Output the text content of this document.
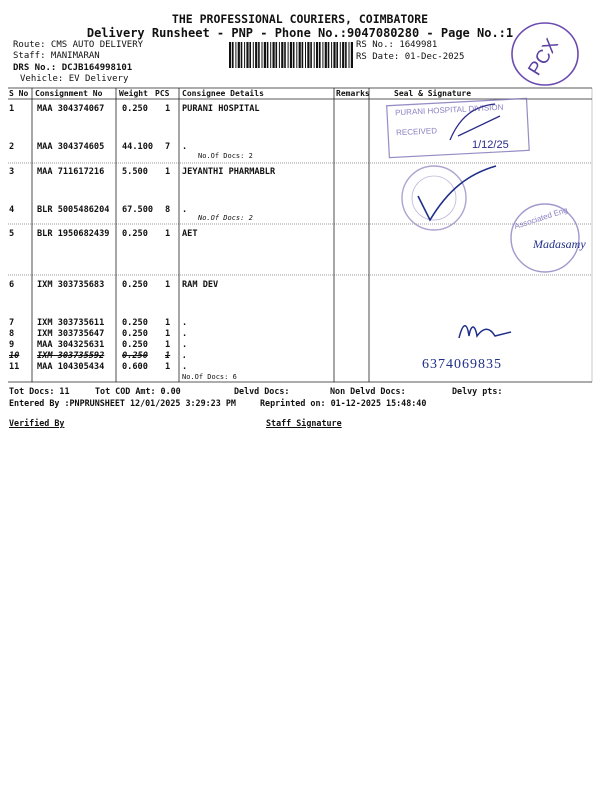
THE PROFESSIONAL COURIERS, COIMBATORE
Delivery Runsheet - PNP - Phone No.:9047080280 - Page No.:1
Route: CMS AUTO DELIVERY
Staff: MANIMARAN
DRS No.: DCJB164998101
Vehicle: EV Delivery
RS No.: 1649981
RS Date: 01-Dec-2025	PCX
S No Consignment No Weight PCS Consignee Details	Remarks	Seal & Signature
1	MAA 304374067 0.250 1 PURANI HOSPITAL
2	MAA 304374605 44.100 7 .
No.Of Docs: 2
3	MAA 711617216 5.500 1 JEYANTHI PHARMABLR
4	BLR 5005486204 67.500 8 .
No.Of Docs: 2
5	BLR 1950682439 0.250 1 AET
6	IXM 303735683 0.250 1 RAM DEV
7	IXM 303735611 0.250 1 .
8	IXM 303735647 0.250 1 .
9	MAA 304325631 0.250 1 .
10 IXM 303735592 0.250 1 .
11 MAA 104305434 0.600 1 .
No.Of Docs: 6
PURANI HOSPITAL DIVISION
RECEIVED
1/12/25
Associated Eng
Madasamy
6374069835
Tot Docs: 11	Tot COD Amt: 0.00	Delvd Docs:	Non Delvd Docs:	Delvy pts:
Entered By :PNPRUNSHEET 12/01/2025 3:29:23 PM	Reprinted on: 01-12-2025 15:48:40
Verified By	Staff Signature
